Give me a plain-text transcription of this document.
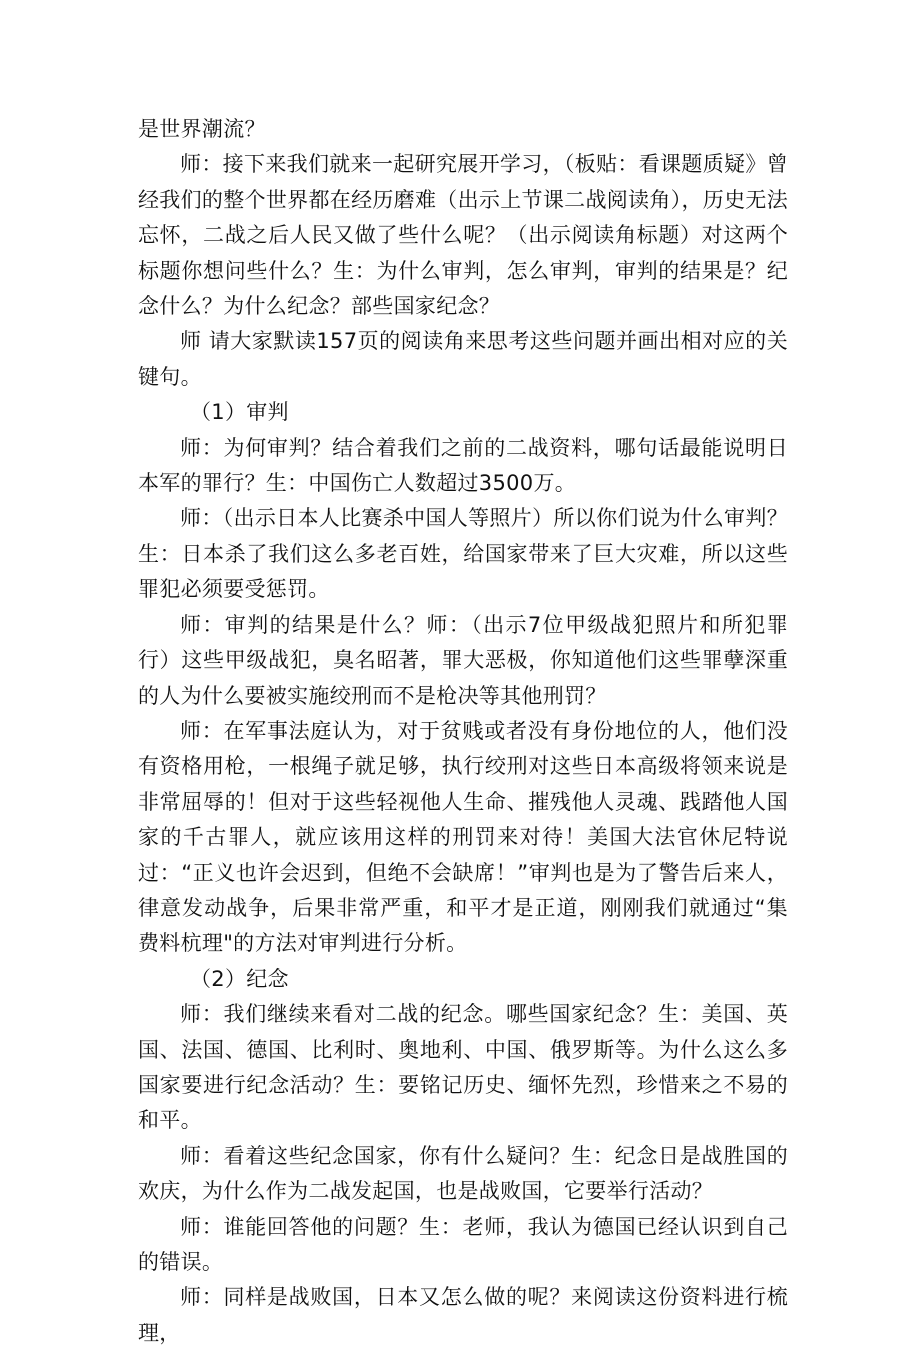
是世界潮流？

师：接下来我们就来一起研究展开学习，（板贴：看课题质疑》曾经我们的整个世界都在经历磨难（出示上节课二战阅读角），历史无法忘怀，二战之后人民又做了些什么呢？（出示阅读角标题）对这两个标题你想问些什么？生：为什么审判，怎么审判，审判的结果是？纪念什么？为什么纪念？部些国家纪念？

师 请大家默读157页的阅读角来思考这些问题并画出相对应的关键句。

（1）审判

师：为何审判？结合着我们之前的二战资料，哪句话最能说明日本军的罪行？生：中国伤亡人数超过3500万。

师：（出示日本人比赛杀中国人等照片）所以你们说为什么审判？生：日本杀了我们这么多老百姓，给国家带来了巨大灾难，所以这些罪犯必须要受惩罚。

师：审判的结果是什么？师：（出示7位甲级战犯照片和所犯罪行）这些甲级战犯，臭名昭著，罪大恶极，你知道他们这些罪孽深重的人为什么要被实施绞刑而不是枪决等其他刑罚？

师：在军事法庭认为，对于贫贱或者没有身份地位的人，他们没有资格用枪，一根绳子就足够，执行绞刑对这些日本高级将领来说是非常屈辱的！但对于这些轻视他人生命、摧残他人灵魂、践踏他人国家的千古罪人，就应该用这样的刑罚来对待！美国大法官休尼特说过：“正义也许会迟到，但绝不会缺席！”审判也是为了警告后来人，律意发动战争，后果非常严重，和平才是正道，刚刚我们就通过“集费料杭理"的方法对审判进行分析。

（2）纪念

师：我们继续来看对二战的纪念。哪些国家纪念？生：美国、英国、法国、德国、比利时、奥地利、中国、俄罗斯等。为什么这么多国家要进行纪念活动？生：要铭记历史、缅怀先烈，珍惜来之不易的和平。

师：看着这些纪念国家，你有什么疑问？生：纪念日是战胜国的欢庆，为什么作为二战发起国，也是战败国，它要举行活动？

师：谁能回答他的问题？生：老师，我认为德国已经认识到自己的错误。

师：同样是战败国，日本又怎么做的呢？来阅读这份资料进行梳理，
